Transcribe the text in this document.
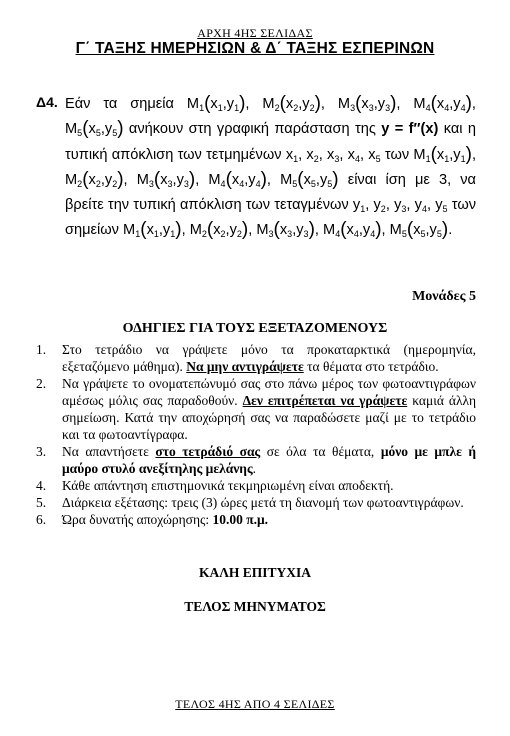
ΑΡΧΗ 4ΗΣ ΣΕΛΙΔΑΣ
Γ΄ ΤΑΞΗΣ ΗΜΕΡΗΣΙΩΝ & Δ΄ ΤΑΞΗΣ ΕΣΠΕΡΙΝΩΝ
Δ4. Εάν τα σημεία $M_1(x_1,y_1)$, $M_2(x_2,y_2)$, $M_3(x_3,y_3)$, $M_4(x_4,y_4)$, $M_5(x_5,y_5)$ ανήκουν στη γραφική παράσταση της y = f″(x) και η τυπική απόκλιση των τετμημένων $x_1$, $x_2$, $x_3$, $x_4$, $x_5$ των $M_1(x_1,y_1)$, $M_2(x_2,y_2)$, $M_3(x_3,y_3)$, $M_4(x_4,y_4)$, $M_5(x_5,y_5)$ είναι ίση με 3, να βρείτε την τυπική απόκλιση των τεταγμένων $y_1$, $y_2$, $y_3$, $y_4$, $y_5$ των σημείων $M_1(x_1,y_1)$, $M_2(x_2,y_2)$, $M_3(x_3,y_3)$, $M_4(x_4,y_4)$, $M_5(x_5,y_5)$.
Μονάδες 5
ΟΔΗΓΙΕΣ ΓΙΑ ΤΟΥΣ ΕΞΕΤΑΖΟΜΕΝΟΥΣ
1. Στο τετράδιο να γράψετε μόνο τα προκαταρκτικά (ημερομηνία, εξεταζόμενο μάθημα). Να μην αντιγράψετε τα θέματα στο τετράδιο.
2. Να γράψετε το ονοματεπώνυμό σας στο πάνω μέρος των φωτοαντιγράφων αμέσως μόλις σας παραδοθούν. Δεν επιτρέπεται να γράψετε καμιά άλλη σημείωση. Κατά την αποχώρησή σας να παραδώσετε μαζί με το τετράδιο και τα φωτοαντίγραφα.
3. Να απαντήσετε στο τετράδιό σας σε όλα τα θέματα, μόνο με μπλε ή μαύρο στυλό ανεξίτηλης μελάνης.
4. Κάθε απάντηση επιστημονικά τεκμηριωμένη είναι αποδεκτή.
5. Διάρκεια εξέτασης: τρεις (3) ώρες μετά τη διανομή των φωτοαντιγράφων.
6. Ώρα δυνατής αποχώρησης: 10.00 π.μ.
ΚΑΛΗ ΕΠΙΤΥΧΙΑ
ΤΕΛΟΣ ΜΗΝΥΜΑΤΟΣ
ΤΕΛΟΣ 4ΗΣ ΑΠΟ 4 ΣΕΛΙΔΕΣ
